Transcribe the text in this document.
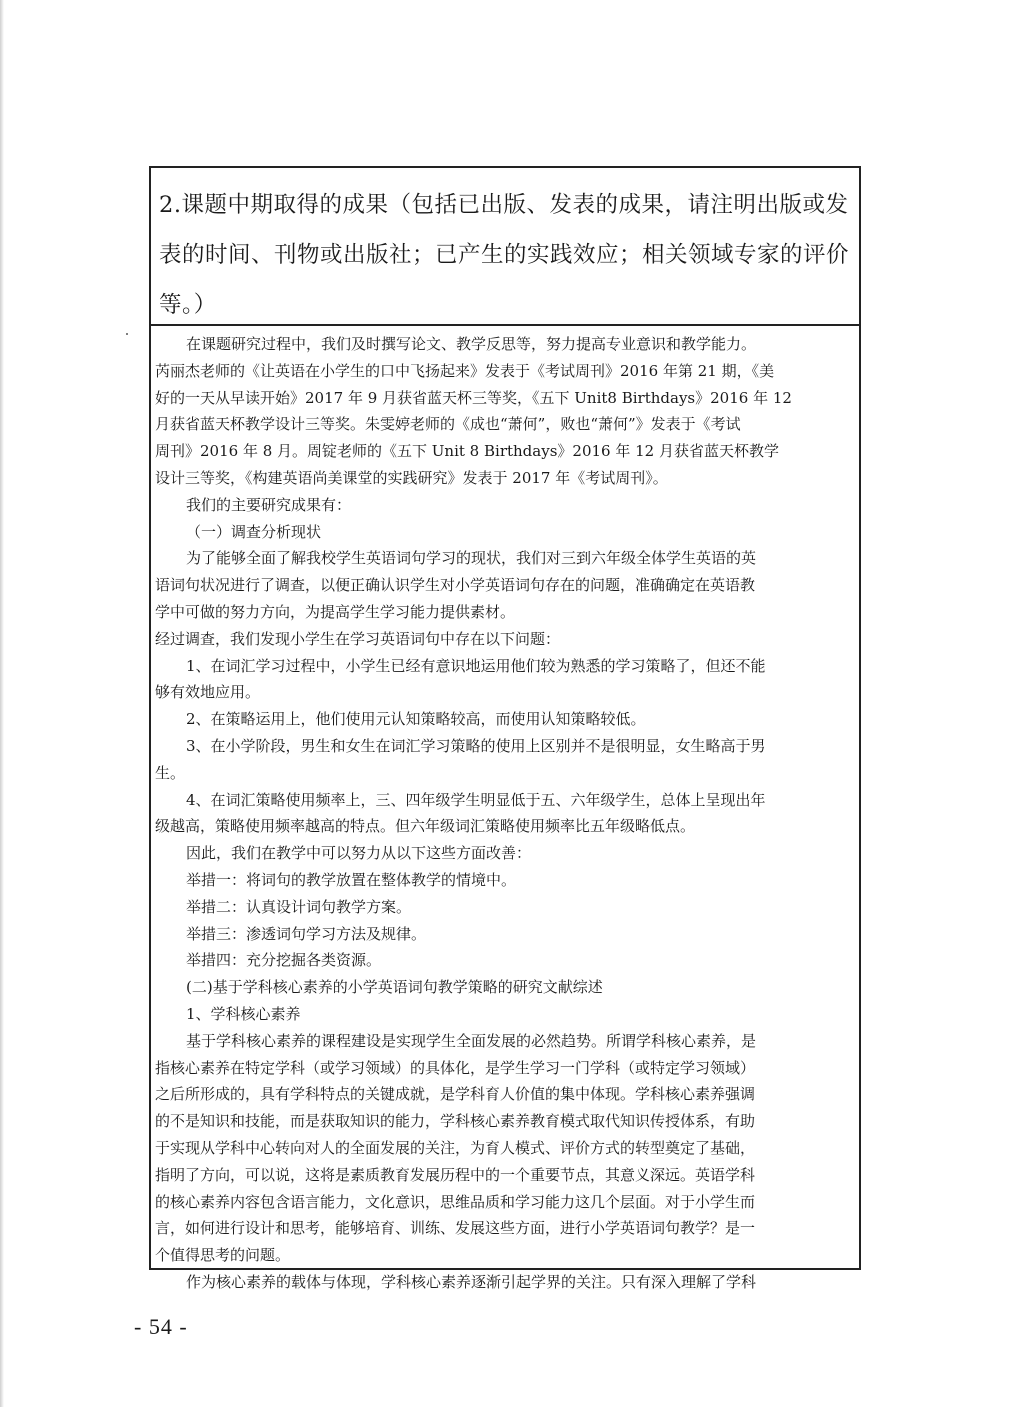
2.课题中期取得的成果（包括已出版、发表的成果，请注明出版或发
表的时间、刊物或出版社；已产生的实践效应；相关领域专家的评价
等。）
在课题研究过程中，我们及时撰写论文、教学反思等，努力提高专业意识和教学能力。
芮丽杰老师的《让英语在小学生的口中飞扬起来》发表于《考试周刊》2016 年第 21 期，《美
好的一天从早读开始》2017 年 9 月获省蓝天杯三等奖，《五下 Unit8 Birthdays》2016 年 12
月获省蓝天杯教学设计三等奖。朱雯婷老师的《成也“萧何”，败也“萧何”》发表于《考试
周刊》2016 年 8 月。周锭老师的《五下 Unit 8 Birthdays》2016 年 12 月获省蓝天杯教学
设计三等奖，《构建英语尚美课堂的实践研究》发表于 2017 年《考试周刊》。
我们的主要研究成果有：
（一）调查分析现状
为了能够全面了解我校学生英语词句学习的现状，我们对三到六年级全体学生英语的英
语词句状况进行了调查，以便正确认识学生对小学英语词句存在的问题，准确确定在英语教
学中可做的努力方向，为提高学生学习能力提供素材。
经过调查，我们发现小学生在学习英语词句中存在以下问题：
1、在词汇学习过程中，小学生已经有意识地运用他们较为熟悉的学习策略了，但还不能
够有效地应用。
2、在策略运用上，他们使用元认知策略较高，而使用认知策略较低。
3、在小学阶段，男生和女生在词汇学习策略的使用上区别并不是很明显，女生略高于男
生。
4、在词汇策略使用频率上，三、四年级学生明显低于五、六年级学生，总体上呈现出年
级越高，策略使用频率越高的特点。但六年级词汇策略使用频率比五年级略低点。
因此，我们在教学中可以努力从以下这些方面改善：
举措一：将词句的教学放置在整体教学的情境中。
举措二：认真设计词句教学方案。
举措三：渗透词句学习方法及规律。
举措四：充分挖掘各类资源。
(二)基于学科核心素养的小学英语词句教学策略的研究文献综述
1、学科核心素养
基于学科核心素养的课程建设是实现学生全面发展的必然趋势。所谓学科核心素养，是
指核心素养在特定学科（或学习领域）的具体化，是学生学习一门学科（或特定学习领域）
之后所形成的，具有学科特点的关键成就，是学科育人价值的集中体现。学科核心素养强调
的不是知识和技能，而是获取知识的能力，学科核心素养教育模式取代知识传授体系，有助
于实现从学科中心转向对人的全面发展的关注，为育人模式、评价方式的转型奠定了基础，
指明了方向，可以说，这将是素质教育发展历程中的一个重要节点，其意义深远。英语学科
的核心素养内容包含语言能力，文化意识，思维品质和学习能力这几个层面。对于小学生而
言，如何进行设计和思考，能够培育、训练、发展这些方面，进行小学英语词句教学？是一
个值得思考的问题。
作为核心素养的载体与体现，学科核心素养逐渐引起学界的关注。只有深入理解了学科
- 54 -
